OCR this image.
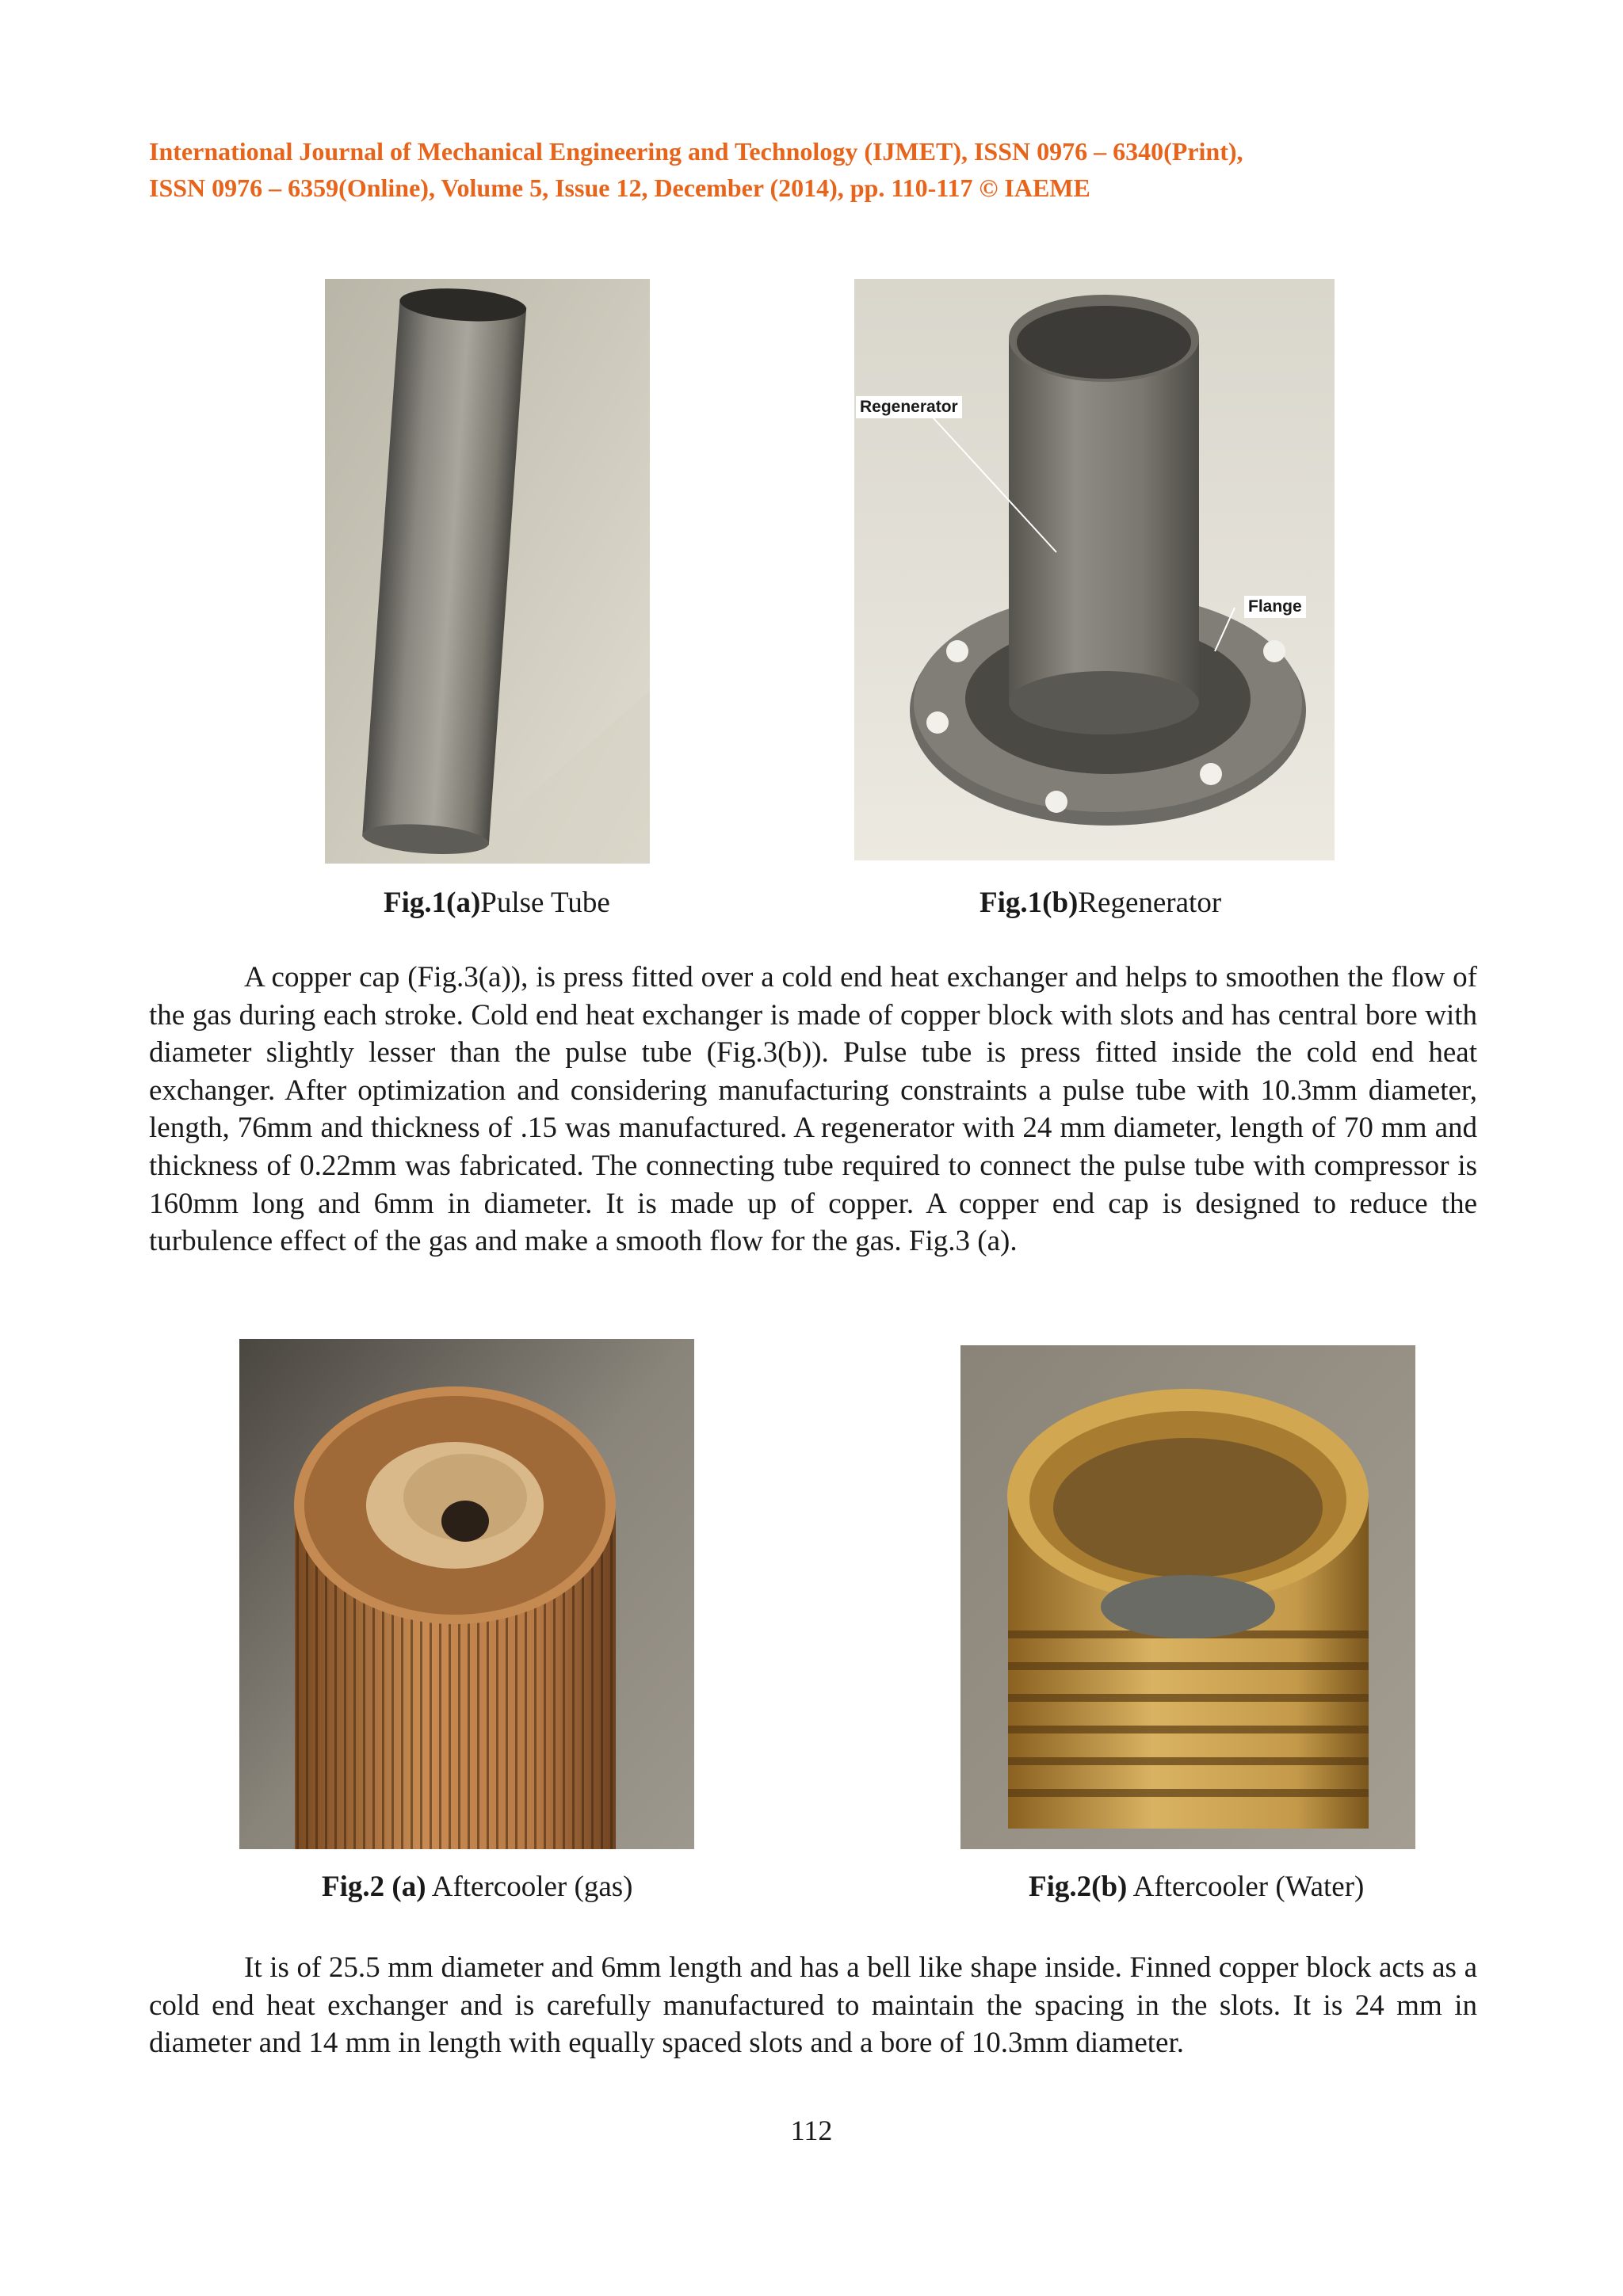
International Journal of Mechanical Engineering and Technology (IJMET), ISSN 0976 – 6340(Print),
ISSN 0976 – 6359(Online), Volume 5, Issue 12, December (2014), pp. 110-117 © IAEME
Regenerator
Flange
Fig.1(a)Pulse Tube	Fig.1(b)Regenerator

A copper cap (Fig.3(a)), is press fitted over a cold end heat exchanger and helps to smoothen the flow of the gas during each stroke. Cold end heat exchanger is made of copper block with slots and has central bore with diameter slightly lesser than the pulse tube (Fig.3(b)). Pulse tube is press fitted inside the cold end heat exchanger. After optimization and considering manufacturing constraints a pulse tube with 10.3mm diameter, length, 76mm and thickness of .15 was manufactured. A regenerator with 24 mm diameter, length of 70 mm and thickness of 0.22mm was fabricated. The connecting tube required to connect the pulse tube with compressor is 160mm long and 6mm in diameter. It is made up of copper. A copper end cap is designed to reduce the turbulence effect of the gas and make a smooth flow for the gas. Fig.3 (a).

Fig.2 (a) Aftercooler (gas)	Fig.2(b) Aftercooler (Water)

It is of 25.5 mm diameter and 6mm length and has a bell like shape inside. Finned copper block acts as a cold end heat exchanger and is carefully manufactured to maintain the spacing in the slots. It is 24 mm in diameter and 14 mm in length with equally spaced slots and a bore of 10.3mm diameter.

112
